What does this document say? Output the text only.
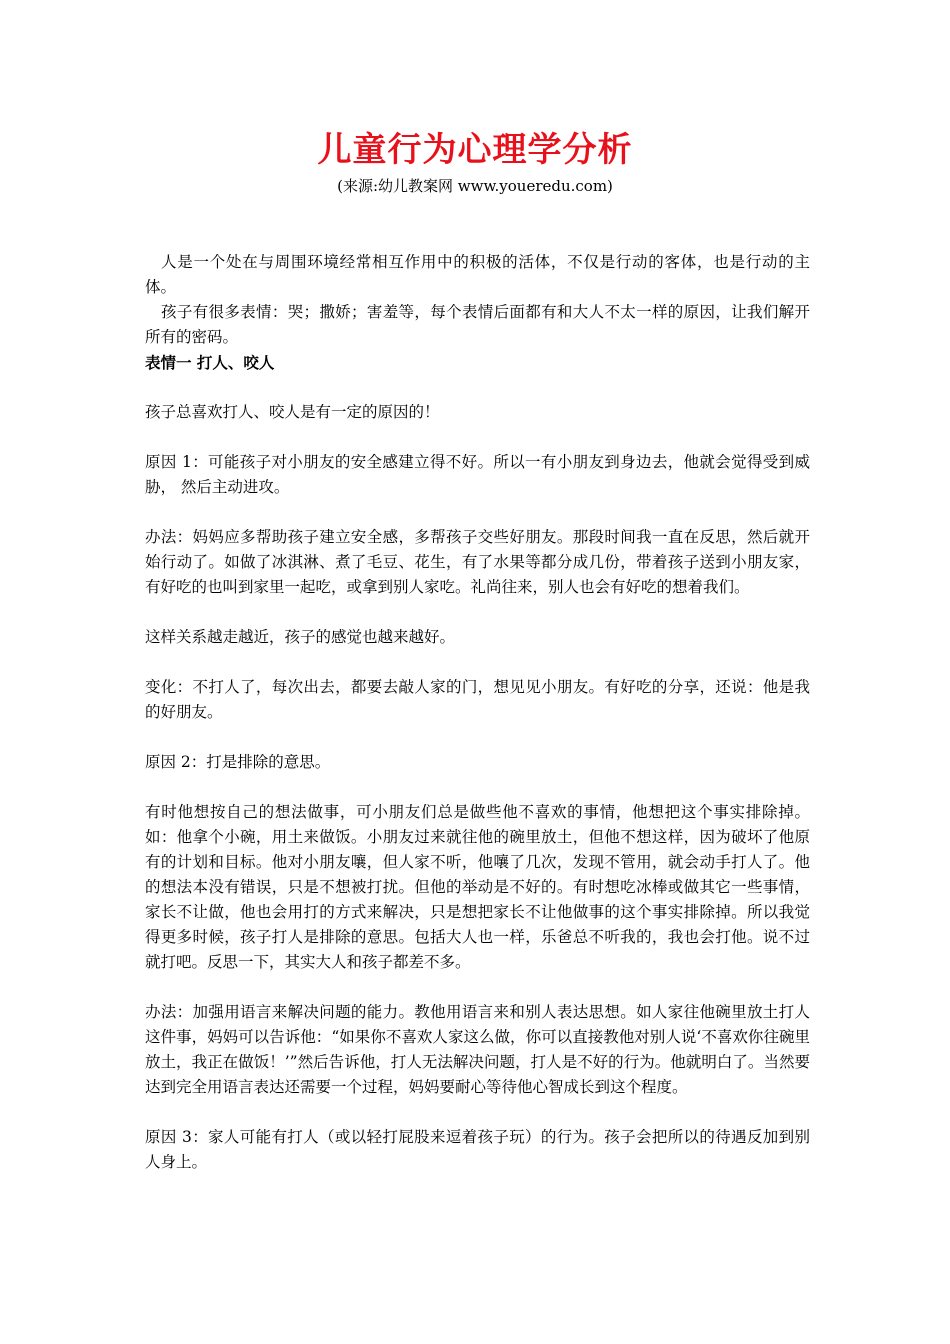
儿童行为心理学分析
(来源:幼儿教案网 www.youeredu.com)

人是一个处在与周围环境经常相互作用中的积极的活体，不仅是行动的客体，也是行动的主体。

孩子有很多表情：哭；撒娇；害羞等，每个表情后面都有和大人不太一样的原因，让我们解开所有的密码。

表情一 打人、咬人

孩子总喜欢打人、咬人是有一定的原因的！

原因 1：可能孩子对小朋友的安全感建立得不好。所以一有小朋友到身边去，他就会觉得受到威胁， 然后主动进攻。

办法：妈妈应多帮助孩子建立安全感，多帮孩子交些好朋友。那段时间我一直在反思，然后就开始行动了。如做了冰淇淋、煮了毛豆、花生，有了水果等都分成几份，带着孩子送到小朋友家，有好吃的也叫到家里一起吃，或拿到别人家吃。礼尚往来，别人也会有好吃的想着我们。

这样关系越走越近，孩子的感觉也越来越好。

变化：不打人了，每次出去，都要去敲人家的门，想见见小朋友。有好吃的分享，还说：他是我的好朋友。

原因 2：打是排除的意思。

有时他想按自己的想法做事，可小朋友们总是做些他不喜欢的事情，他想把这个事实排除掉。如：他拿个小碗，用土来做饭。小朋友过来就往他的碗里放土，但他不想这样，因为破坏了他原有的计划和目标。他对小朋友嚷，但人家不听，他嚷了几次，发现不管用，就会动手打人了。他的想法本没有错误，只是不想被打扰。但他的举动是不好的。有时想吃冰棒或做其它一些事情，家长不让做，他也会用打的方式来解决，只是想把家长不让他做事的这个事实排除掉。所以我觉得更多时候，孩子打人是排除的意思。包括大人也一样，乐爸总不听我的，我也会打他。说不过就打吧。反思一下，其实大人和孩子都差不多。

办法：加强用语言来解决问题的能力。教他用语言来和别人表达思想。如人家往他碗里放土打人这件事，妈妈可以告诉他：“如果你不喜欢人家这么做，你可以直接教他对别人说‘不喜欢你往碗里放土，我正在做饭！’”然后告诉他，打人无法解决问题，打人是不好的行为。他就明白了。当然要达到完全用语言表达还需要一个过程，妈妈要耐心等待他心智成长到这个程度。

原因 3：家人可能有打人（或以轻打屁股来逗着孩子玩）的行为。孩子会把所以的待遇反加到别人身上。
